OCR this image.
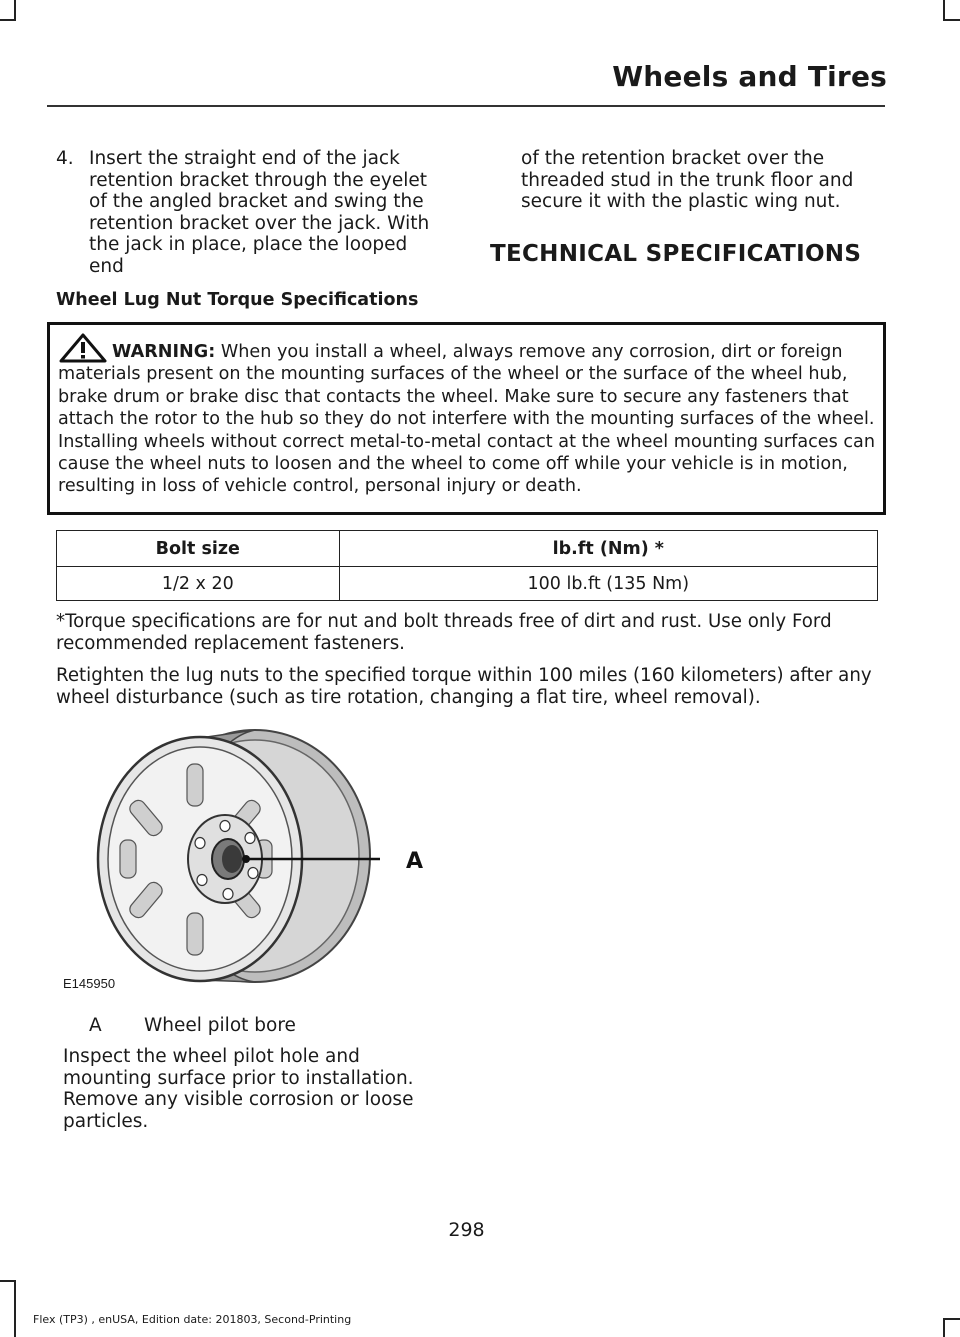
Wheels and Tires
4. Insert the straight end of the jack retention bracket through the eyelet of the angled bracket and swing the retention bracket over the jack. With the jack in place, place the looped end
of the retention bracket over the threaded stud in the trunk floor and secure it with the plastic wing nut.
TECHNICAL SPECIFICATIONS
Wheel Lug Nut Torque Specifications
WARNING: When you install a wheel, always remove any corrosion, dirt or foreign materials present on the mounting surfaces of the wheel or the surface of the wheel hub, brake drum or brake disc that contacts the wheel. Make sure to secure any fasteners that attach the rotor to the hub so they do not interfere with the mounting surfaces of the wheel. Installing wheels without correct metal-to-metal contact at the wheel mounting surfaces can cause the wheel nuts to loosen and the wheel to come off while your vehicle is in motion, resulting in loss of vehicle control, personal injury or death.
Bolt size	lb.ft (Nm) *
1/2 x 20	100 lb.ft (135 Nm)
*Torque specifications are for nut and bolt threads free of dirt and rust. Use only Ford recommended replacement fasteners.
Retighten the lug nuts to the specified torque within 100 miles (160 kilometers) after any wheel disturbance (such as tire rotation, changing a flat tire, wheel removal).
A
E145950
A Wheel pilot bore
Inspect the wheel pilot hole and mounting surface prior to installation. Remove any visible corrosion or loose particles.
298
Flex (TP3) , enUSA, Edition date: 201803, Second-Printing
